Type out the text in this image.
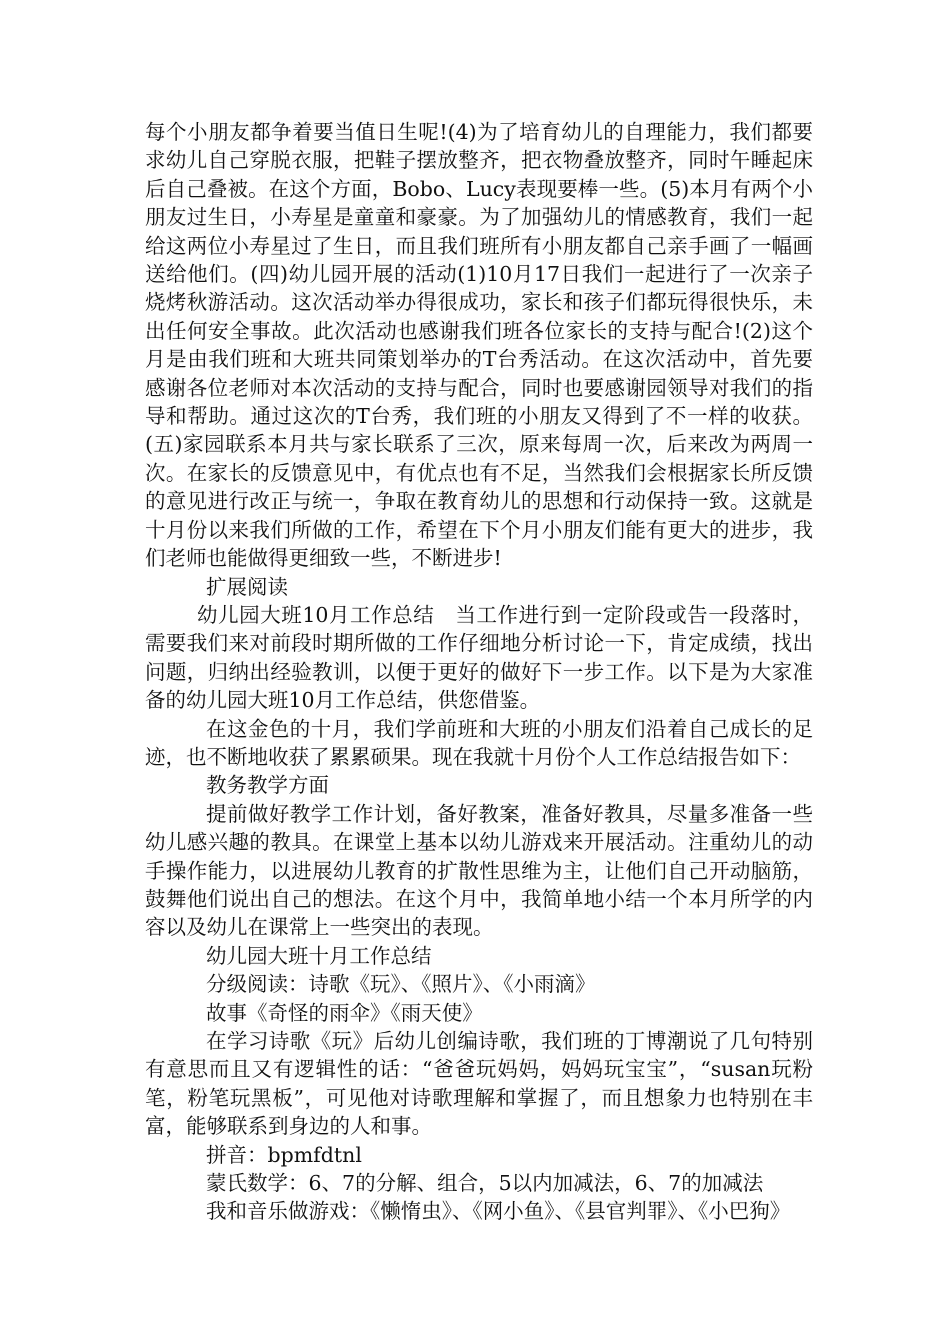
每个小朋友都争着要当值日生呢!(4)为了培育幼儿的自理能力，我们都要求幼儿自己穿脱衣服，把鞋子摆放整齐，把衣物叠放整齐，同时午睡起床后自己叠被。在这个方面，Bobo、Lucy表现要棒一些。(5)本月有两个小朋友过生日，小寿星是童童和豪豪。为了加强幼儿的情感教育，我们一起给这两位小寿星过了生日，而且我们班所有小朋友都自己亲手画了一幅画送给他们。(四)幼儿园开展的活动(1)10月17日我们一起进行了一次亲子烧烤秋游活动。这次活动举办得很成功，家长和孩子们都玩得很快乐，未出任何安全事故。此次活动也感谢我们班各位家长的支持与配合!(2)这个月是由我们班和大班共同策划举办的T台秀活动。在这次活动中，首先要感谢各位老师对本次活动的支持与配合，同时也要感谢园领导对我们的指导和帮助。通过这次的T台秀，我们班的小朋友又得到了不一样的收获。(五)家园联系本月共与家长联系了三次，原来每周一次，后来改为两周一次。在家长的反馈意见中，有优点也有不足，当然我们会根据家长所反馈的意见进行改正与统一，争取在教育幼儿的思想和行动保持一致。这就是十月份以来我们所做的工作，希望在下个月小朋友们能有更大的进步，我们老师也能做得更细致一些，不断进步!

扩展阅读

幼儿园大班10月工作总结　当工作进行到一定阶段或告一段落时，需要我们来对前段时期所做的工作仔细地分析讨论一下，肯定成绩，找出问题，归纳出经验教训，以便于更好的做好下一步工作。以下是为大家准备的幼儿园大班10月工作总结，供您借鉴。

在这金色的十月，我们学前班和大班的小朋友们沿着自己成长的足迹，也不断地收获了累累硕果。现在我就十月份个人工作总结报告如下：

教务教学方面

提前做好教学工作计划，备好教案，准备好教具，尽量多准备一些幼儿感兴趣的教具。在课堂上基本以幼儿游戏来开展活动。注重幼儿的动手操作能力，以进展幼儿教育的扩散性思维为主，让他们自己开动脑筋，鼓舞他们说出自己的想法。在这个月中，我简单地小结一个本月所学的内容以及幼儿在课常上一些突出的表现。

幼儿园大班十月工作总结

分级阅读：诗歌《玩》、《照片》、《小雨滴》

故事《奇怪的雨伞》《雨天使》

在学习诗歌《玩》后幼儿创编诗歌，我们班的丁博潮说了几句特别有意思而且又有逻辑性的话：“爸爸玩妈妈，妈妈玩宝宝”，“susan玩粉笔，粉笔玩黑板”，可见他对诗歌理解和掌握了，而且想象力也特别在丰富，能够联系到身边的人和事。

拼音：bpmfdtnl

蒙氏数学：6、7的分解、组合，5以内加减法，6、7的加减法

我和音乐做游戏：《懒惰虫》、《网小鱼》、《县官判罪》、《小巴狗》
